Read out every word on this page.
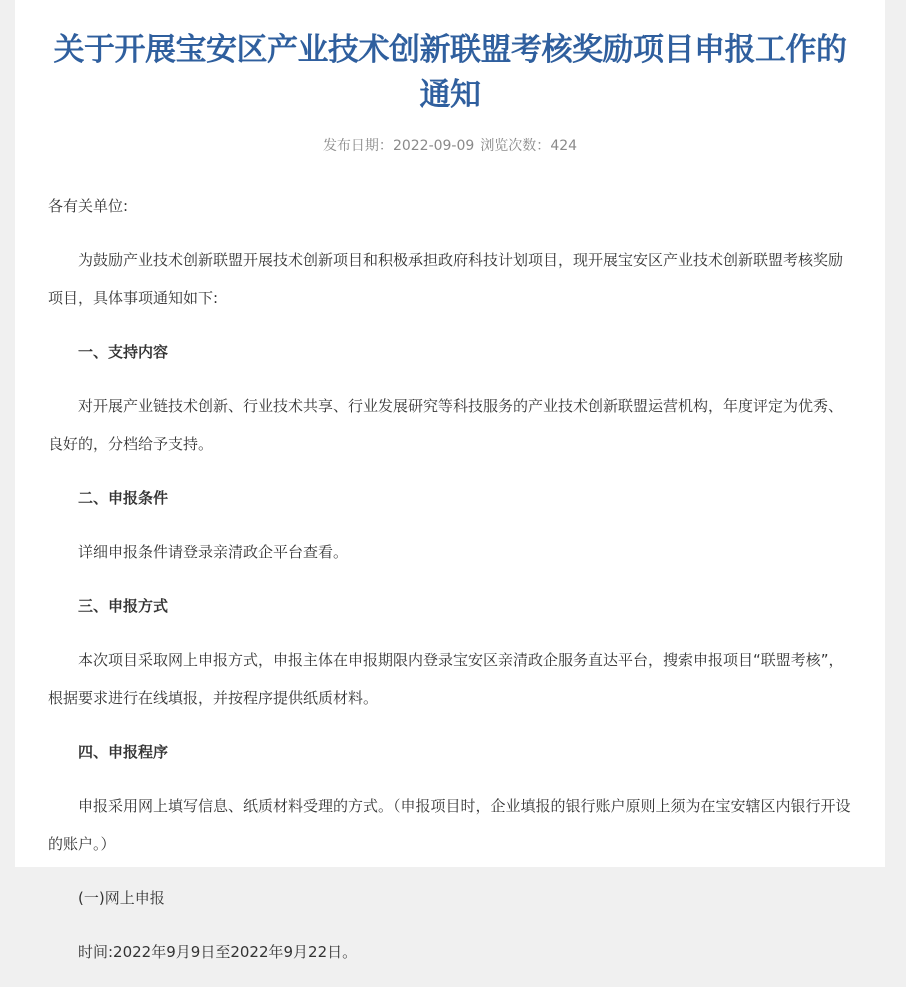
关于开展宝安区产业技术创新联盟考核奖励项目申报工作的通知
发布日期：2022-09-09 浏览次数：424

各有关单位:

为鼓励产业技术创新联盟开展技术创新项目和积极承担政府科技计划项目，现开展宝安区产业技术创新联盟考核奖励项目，具体事项通知如下:

一、支持内容

对开展产业链技术创新、行业技术共享、行业发展研究等科技服务的产业技术创新联盟运营机构，年度评定为优秀、良好的，分档给予支持。

二、申报条件

详细申报条件请登录亲清政企平台查看。

三、申报方式

本次项目采取网上申报方式，申报主体在申报期限内登录宝安区亲清政企服务直达平台，搜索申报项目“联盟考核”，根据要求进行在线填报，并按程序提供纸质材料。

四、申报程序

申报采用网上填写信息、纸质材料受理的方式。（申报项目时，企业填报的银行账户原则上须为在宝安辖区内银行开设的账户。）

(一)网上申报

时间:2022年9月9日至2022年9月22日。
